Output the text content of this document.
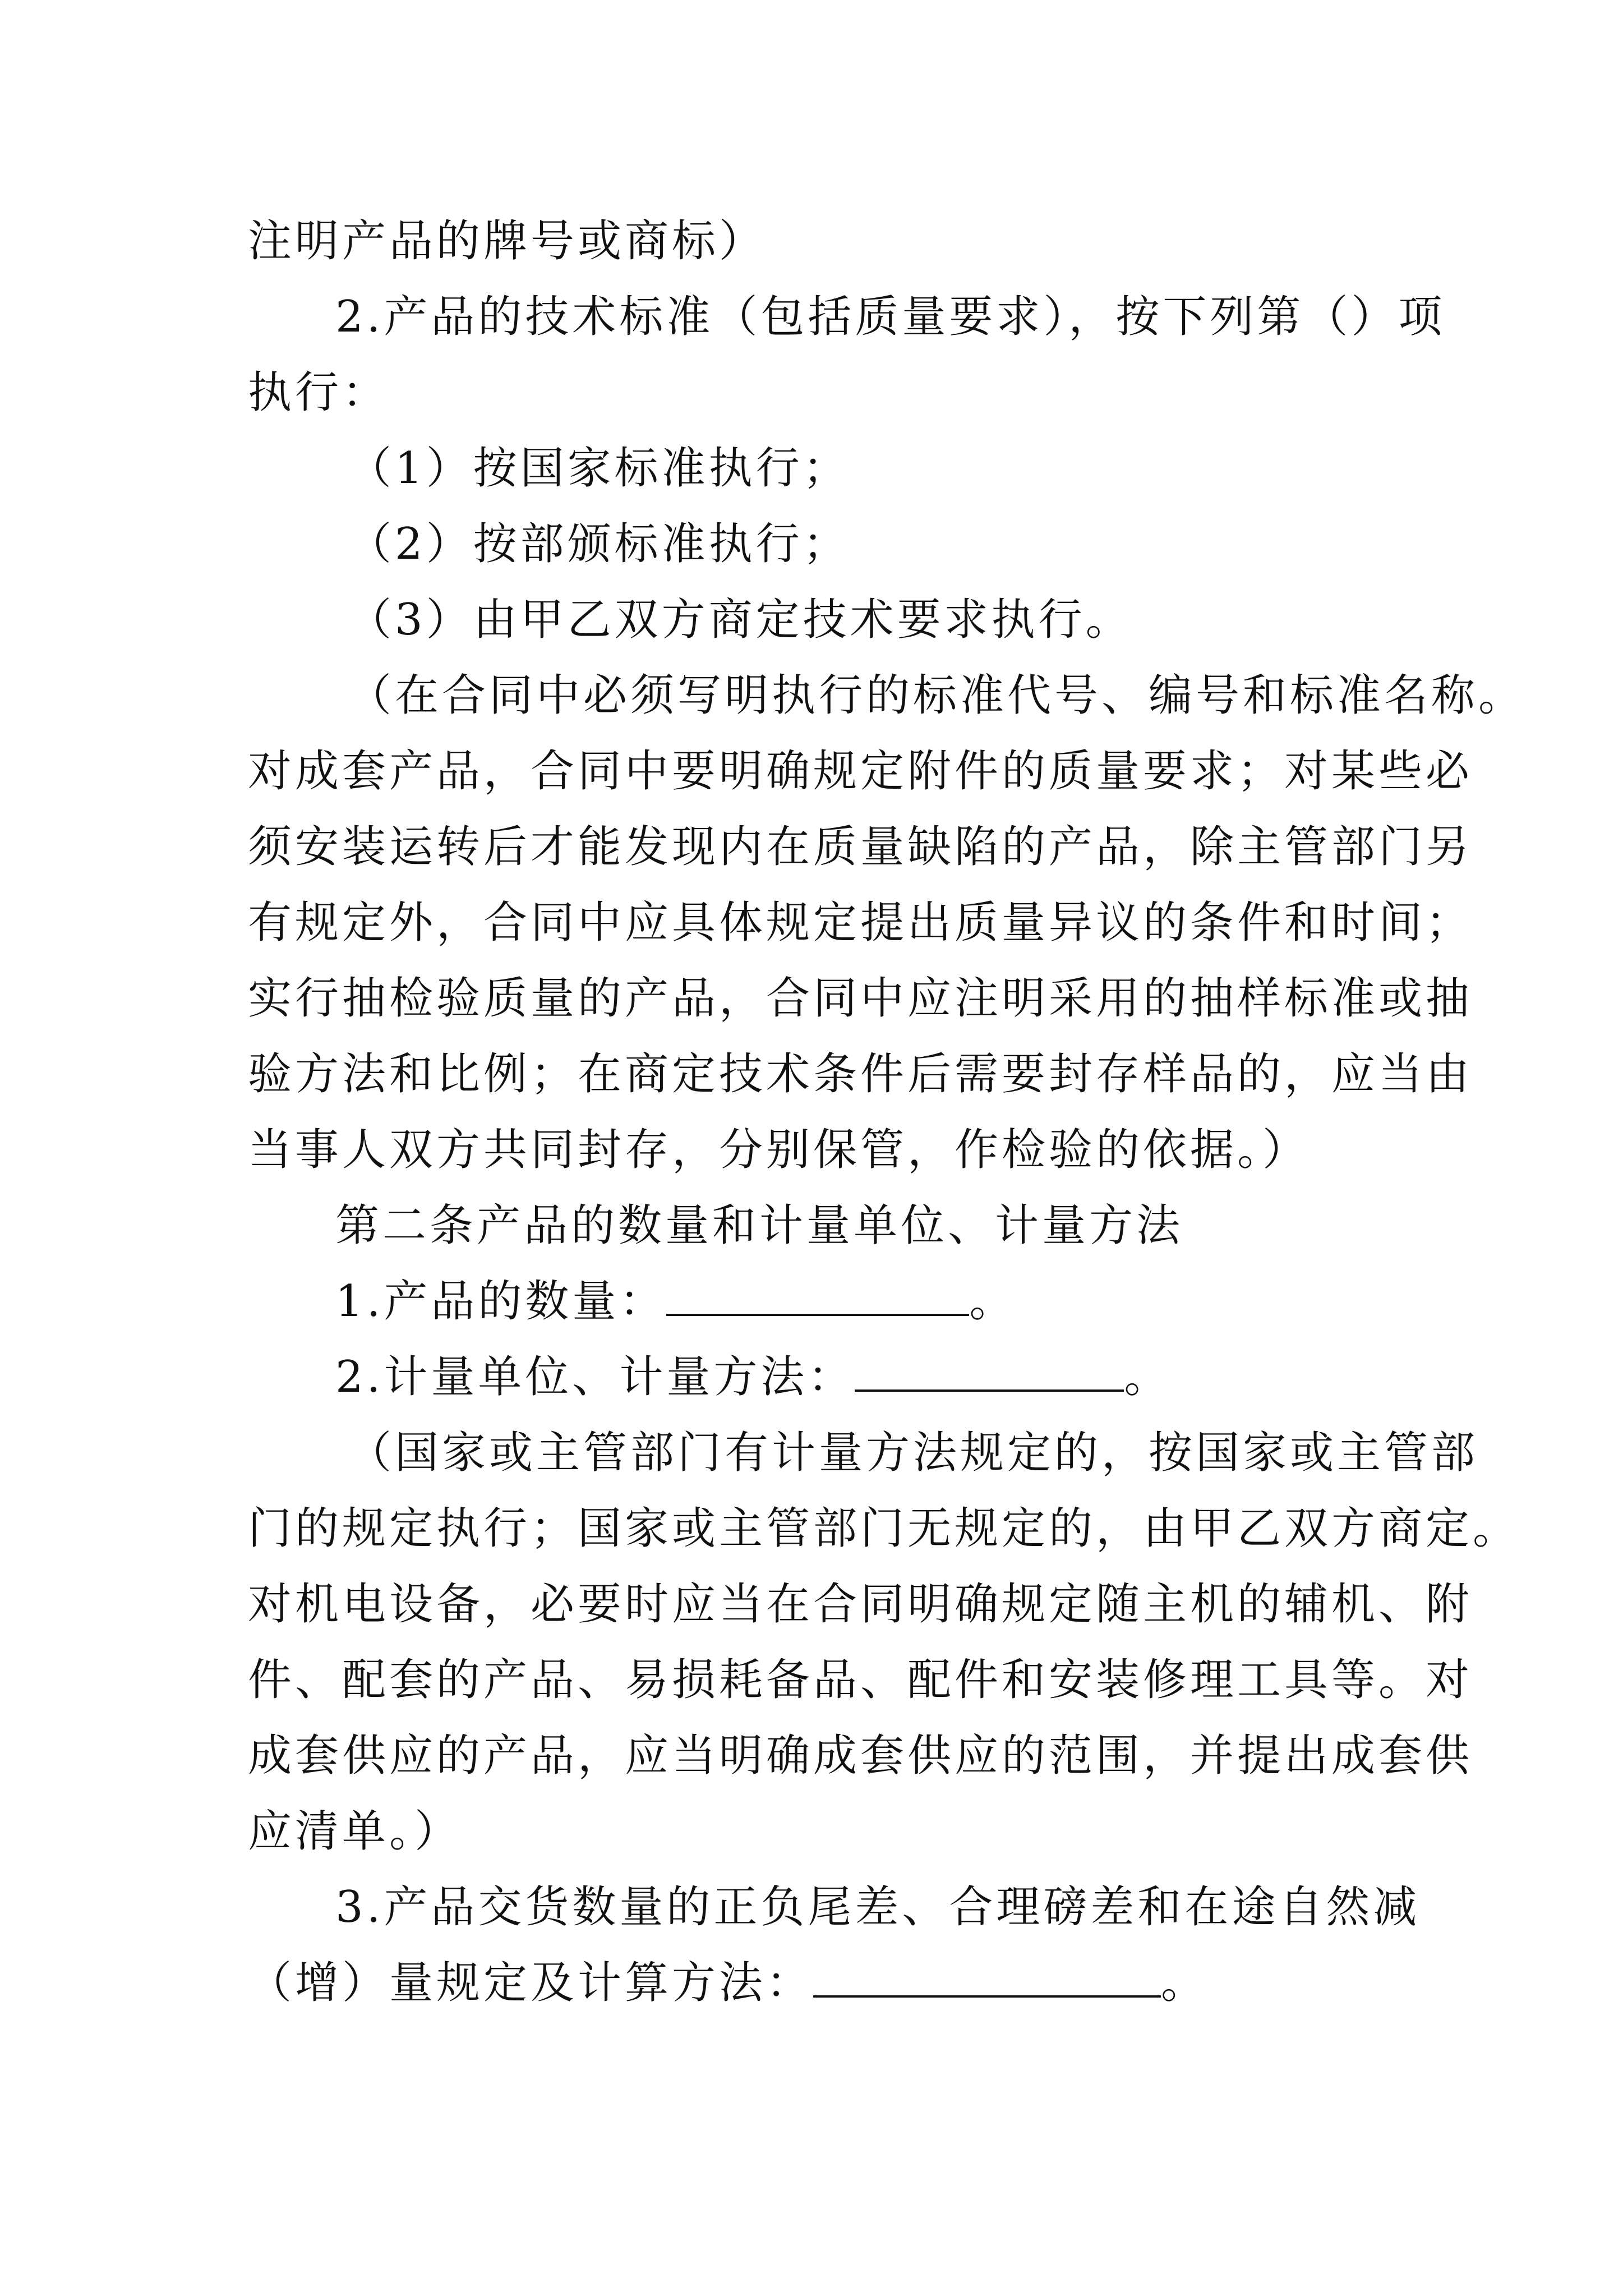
注明产品的牌号或商标）
2.产品的技术标准（包括质量要求），按下列第（）项
执行：
（1）按国家标准执行；
（2）按部颁标准执行；
（3）由甲乙双方商定技术要求执行。
（在合同中必须写明执行的标准代号、编号和标准名称。
对成套产品，合同中要明确规定附件的质量要求；对某些必
须安装运转后才能发现内在质量缺陷的产品，除主管部门另
有规定外，合同中应具体规定提出质量异议的条件和时间；
实行抽检验质量的产品，合同中应注明采用的抽样标准或抽
验方法和比例；在商定技术条件后需要封存样品的，应当由
当事人双方共同封存，分别保管，作检验的依据。）
第二条产品的数量和计量单位、计量方法
1.产品的数量：	。
2.计量单位、计量方法：	。
（国家或主管部门有计量方法规定的，按国家或主管部
门的规定执行；国家或主管部门无规定的，由甲乙双方商定。
对机电设备，必要时应当在合同明确规定随主机的辅机、附
件、配套的产品、易损耗备品、配件和安装修理工具等。对
成套供应的产品，应当明确成套供应的范围，并提出成套供
应清单。）
3.产品交货数量的正负尾差、合理磅差和在途自然减
（增）量规定及计算方法：	。
